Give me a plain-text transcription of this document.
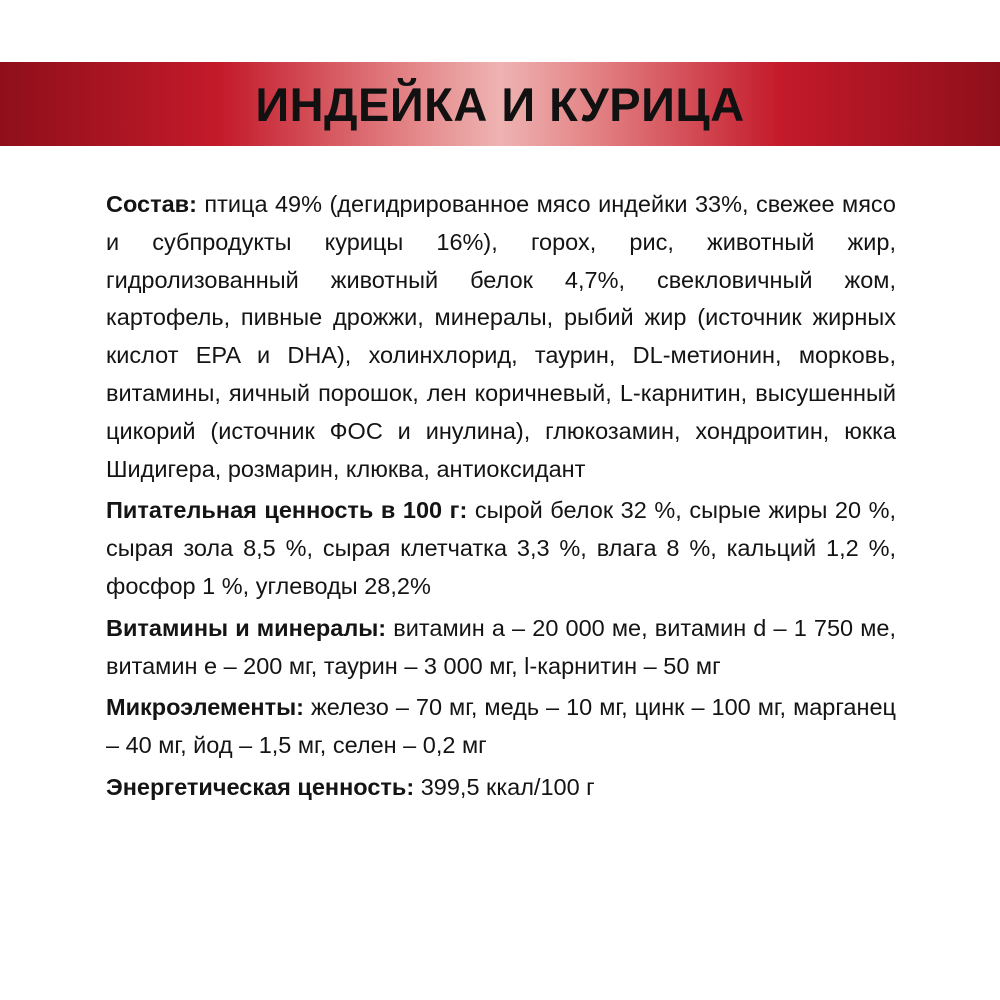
ИНДЕЙКА И КУРИЦА

Состав: птица 49% (дегидрированное мясо индейки 33%, свежее мясо и субпродукты курицы 16%), горох, рис, животный жир, гидролизованный животный белок 4,7%, свекловичный жом, картофель, пивные дрожжи, минералы, рыбий жир (источник жирных кислот EPA и DHA), холинхлорид, таурин, DL-метионин, морковь, витамины, яичный порошок, лен коричневый, L-карнитин, высушенный цикорий (источник ФОС и инулина), глюкозамин, хондроитин, юкка Шидигера, розмарин, клюква, антиоксидант

Питательная ценность в 100 г: сырой белок 32 %, сырые жиры 20 %, сырая зола 8,5 %, сырая клетчатка 3,3 %, влага 8 %, кальций 1,2 %, фосфор 1 %, углеводы 28,2%

Витамины и минералы: витамин а – 20 000 ме, витамин d – 1 750 ме, витамин е – 200 мг, таурин – 3 000 мг, l-карнитин – 50 мг

Микроэлементы: железо – 70 мг, медь – 10 мг, цинк – 100 мг, марганец – 40 мг, йод – 1,5 мг, селен – 0,2 мг

Энергетическая ценность: 399,5 ккал/100 г
